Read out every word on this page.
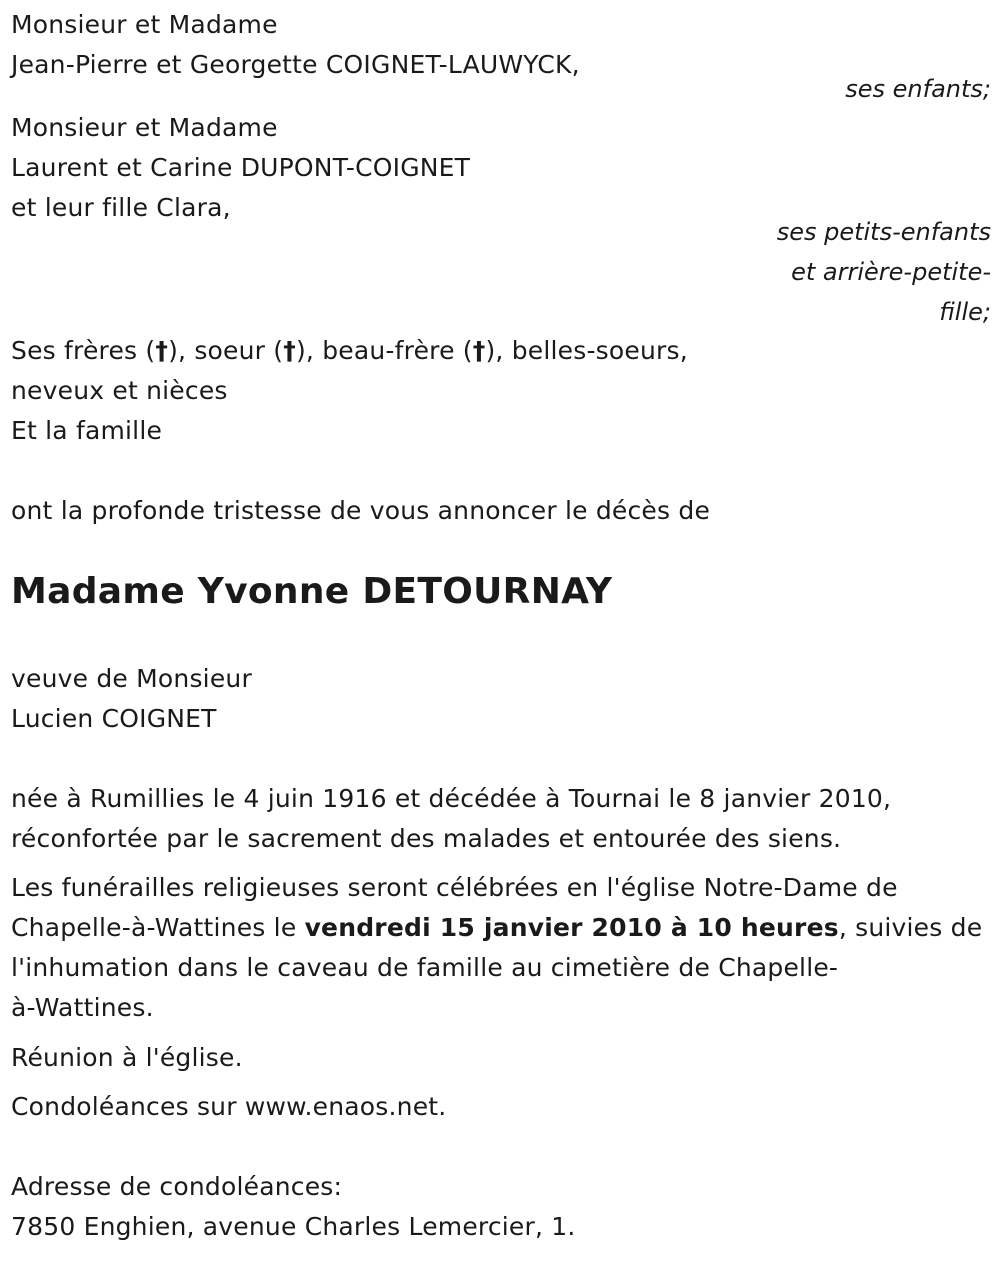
Monsieur et Madame

Jean-Pierre et Georgette COIGNET-LAUWYCK,

ses enfants;

Monsieur et Madame

Laurent et Carine DUPONT-COIGNET

et leur fille Clara,

ses petits-enfants

et arrière-petite-

fille;

Ses frères (†), soeur (†), beau-frère (†), belles-soeurs,

neveux et nièces

Et la famille

ont la profonde tristesse de vous annoncer le décès de

Madame Yvonne DETOURNAY

veuve de Monsieur

Lucien COIGNET

née à Rumillies le 4 juin 1916 et décédée à Tournai le 8 janvier 2010,

réconfortée par le sacrement des malades et entourée des siens.

Les funérailles religieuses seront célébrées en l'église Notre-Dame de

Chapelle-à-Wattines le vendredi 15 janvier 2010 à 10 heures, suivies de

l'inhumation dans le caveau de famille au cimetière de Chapelle-

à-Wattines.

Réunion à l'église.

Condoléances sur www.enaos.net.

Adresse de condoléances:

7850 Enghien, avenue Charles Lemercier, 1.
